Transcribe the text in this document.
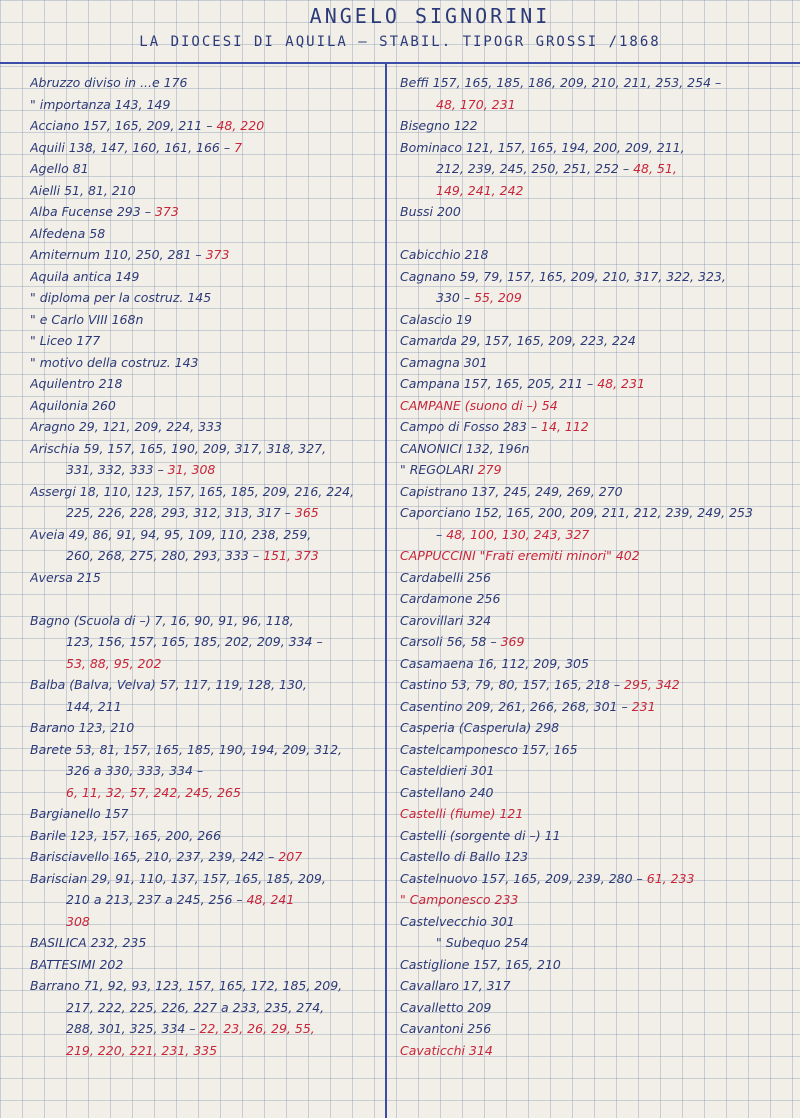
ANGELO SIGNORINI
LA DIOCESI DI AQUILA – STABIL. TIPOGR GROSSI /1868
Abruzzo diviso in ...e 176
" importanza 143, 149
Acciano 157, 165, 209, 211 – 48, 220
Aquili 138, 147, 160, 161, 166 – 7
Agello 81
Aielli 51, 81, 210
Alba Fucense 293 – 373
Alfedena 58
Amiternum 110, 250, 281 – 373
Aquila antica 149
" diploma per la costruz. 145
" e Carlo VIII 168n
" Liceo 177
" motivo della costruz. 143
Aquilentro 218
Aquilonia 260
Aragno 29, 121, 209, 224, 333
Arischia 59, 157, 165, 190, 209, 317, 318, 327,
331, 332, 333 – 31, 308
Assergi 18, 110, 123, 157, 165, 185, 209, 216, 224,
225, 226, 228, 293, 312, 313, 317 – 365
Aveia 49, 86, 91, 94, 95, 109, 110, 238, 259,
260, 268, 275, 280, 293, 333 – 151, 373
Aversa 215
Bagno (Scuola di –) 7, 16, 90, 91, 96, 118,
123, 156, 157, 165, 185, 202, 209, 334 –
53, 88, 95, 202
Balba (Balva, Velva) 57, 117, 119, 128, 130,
144, 211
Barano 123, 210
Barete 53, 81, 157, 165, 185, 190, 194, 209, 312,
326 a 330, 333, 334 –
6, 11, 32, 57, 242, 245, 265
Bargianello 157
Barile 123, 157, 165, 200, 266
Barisciavello 165, 210, 237, 239, 242 – 207
Bariscian 29, 91, 110, 137, 157, 165, 185, 209,
210 a 213, 237 a 245, 256 – 48, 241
308
BASILICA 232, 235
BATTESIMI 202
Barrano 71, 92, 93, 123, 157, 165, 172, 185, 209,
217, 222, 225, 226, 227 a 233, 235, 274,
288, 301, 325, 334 – 22, 23, 26, 29, 55,
219, 220, 221, 231, 335
Beffi 157, 165, 185, 186, 209, 210, 211, 253, 254 –
48, 170, 231
Bisegno 122
Bominaco 121, 157, 165, 194, 200, 209, 211,
212, 239, 245, 250, 251, 252 – 48, 51,
149, 241, 242
Bussi 200
Cabicchio 218
Cagnano 59, 79, 157, 165, 209, 210, 317, 322, 323,
330 – 55, 209
Calascio 19
Camarda 29, 157, 165, 209, 223, 224
Camagna 301
Campana 157, 165, 205, 211 – 48, 231
CAMPANE (suono di –) 54
Campo di Fosso 283 – 14, 112
CANONICI 132, 196n
" REGOLARI 279
Capistrano 137, 245, 249, 269, 270
Caporciano 152, 165, 200, 209, 211, 212, 239, 249, 253
– 48, 100, 130, 243, 327
CAPPUCCINI "Frati eremiti minori" 402
Cardabelli 256
Cardamone 256
Carovillari 324
Carsoli 56, 58 – 369
Casamaena 16, 112, 209, 305
Castino 53, 79, 80, 157, 165, 218 – 295, 342
Casentino 209, 261, 266, 268, 301 – 231
Casperia (Casperula) 298
Castelcamponesco 157, 165
Casteldieri 301
Castellano 240
Castelli (fiume) 121
Castelli (sorgente di –) 11
Castello di Ballo 123
Castelnuovo 157, 165, 209, 239, 280 – 61, 233
" Camponesco 233
Castelvecchio 301
" Subequo 254
Castiglione 157, 165, 210
Cavallaro 17, 317
Cavalletto 209
Cavantoni 256
Cavaticchi 314
